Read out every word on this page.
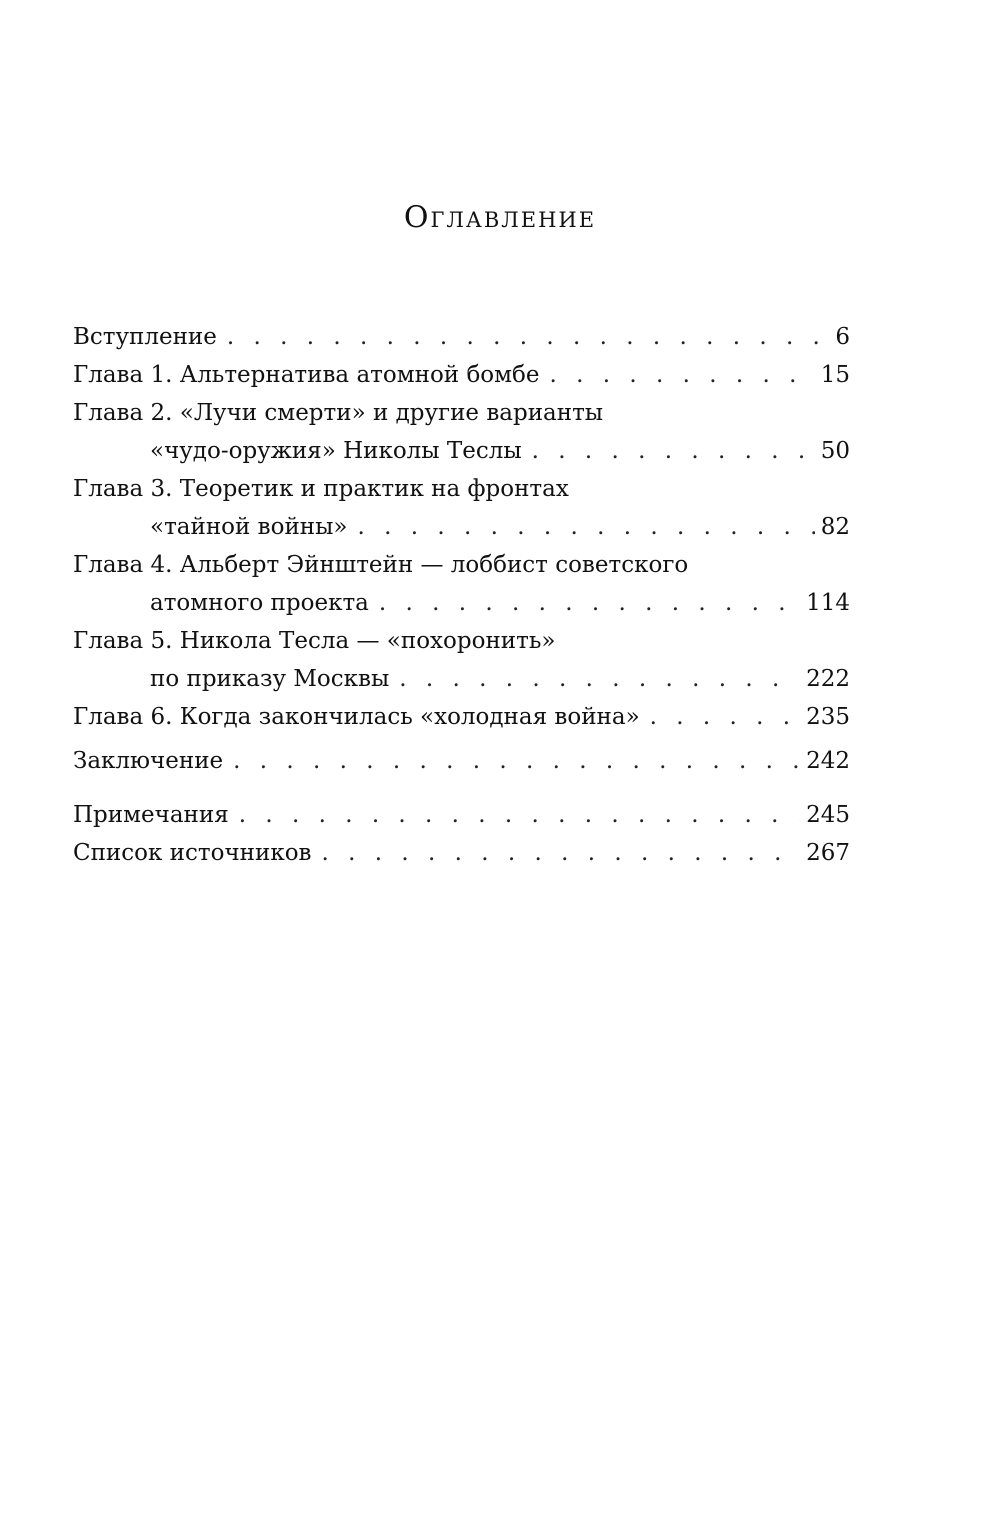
Оглавление
Вступление . . .	6
Глава 1. Альтернатива атомной бомбе . . .	15
Глава 2. «Лучи смерти» и другие варианты
«чудо-оружия» Николы Теслы . . .	50
Глава 3. Теоретик и практик на фронтах
«тайной войны» . . .	82
Глава 4. Альберт Эйнштейн — лоббист советского
атомного проекта . . .	114
Глава 5. Никола Тесла — «похоронить»
по приказу Москвы . . .	222
Глава 6. Когда закончилась «холодная война» . . .	235
Заключение . . .	242
Примечания . . .	245
Список источников . . .	267
